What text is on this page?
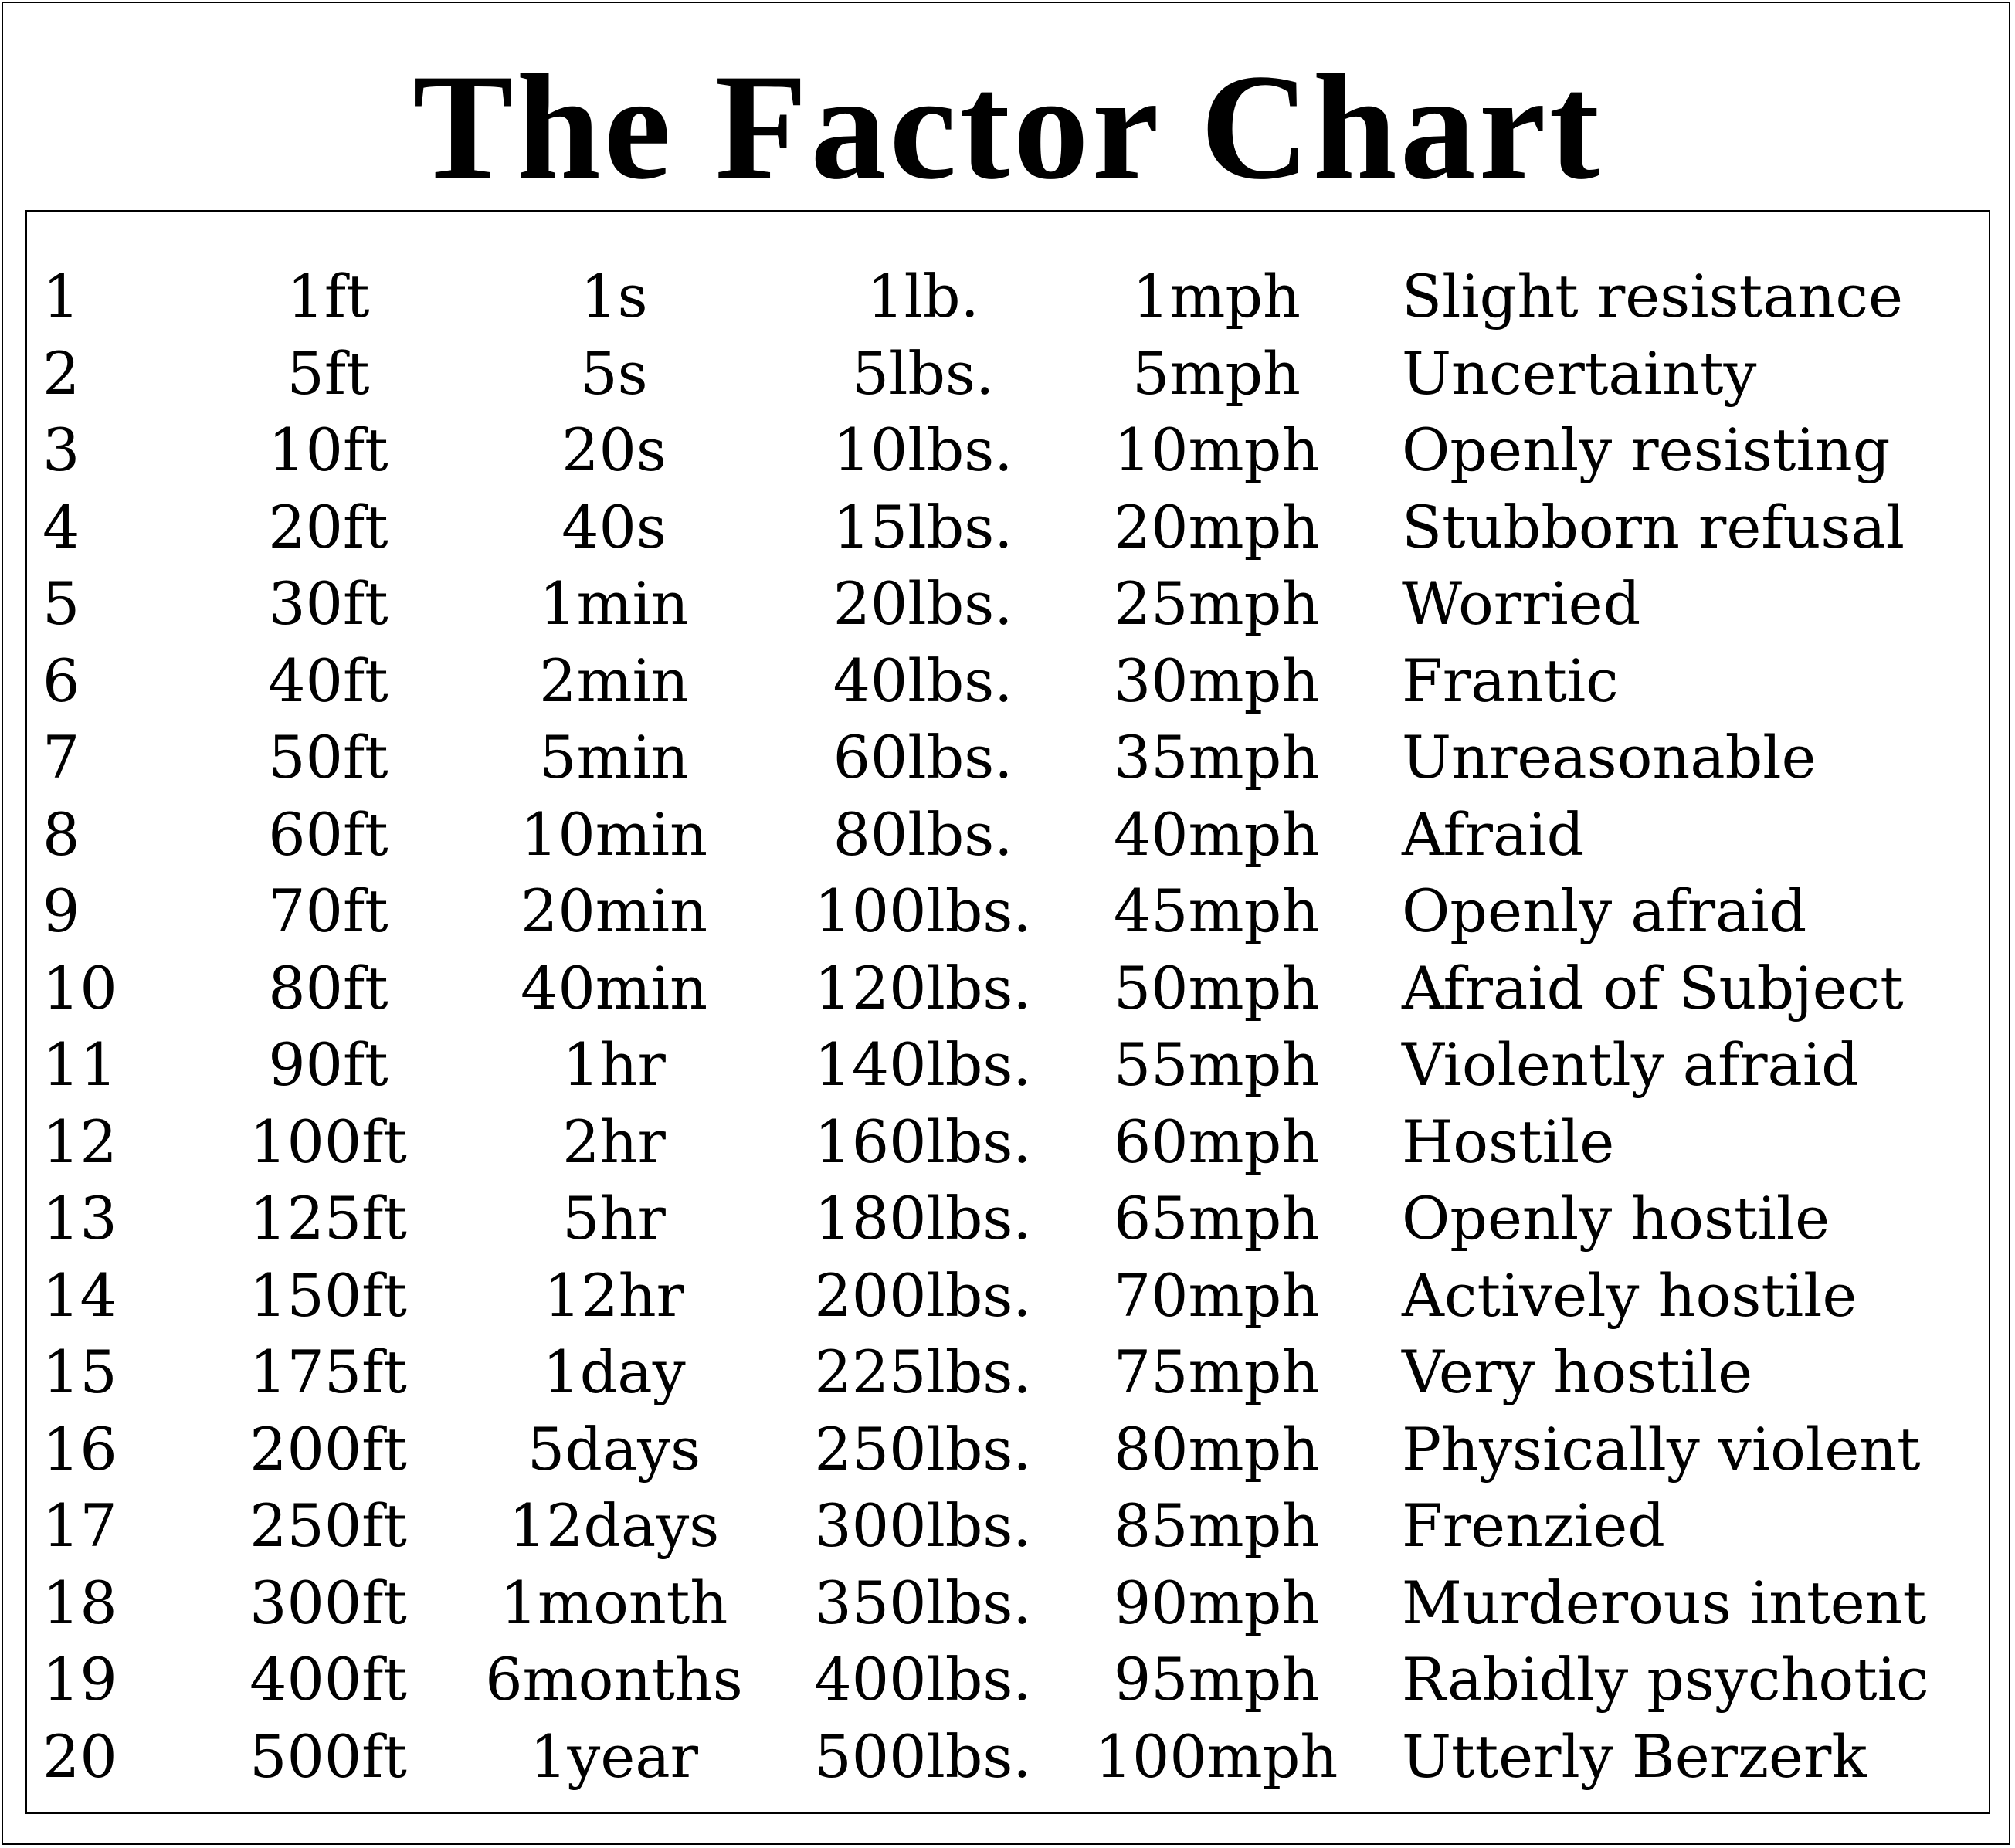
The Factor Chart
1	1ft	1s	1lb.	1mph	Slight resistance
2	5ft	5s	5lbs.	5mph	Uncertainty
3	10ft	20s	10lbs.	10mph	Openly resisting
4	20ft	40s	15lbs.	20mph	Stubborn refusal
5	30ft	1min	20lbs.	25mph	Worried
6	40ft	2min	40lbs.	30mph	Frantic
7	50ft	5min	60lbs.	35mph	Unreasonable
8	60ft	10min	80lbs.	40mph	Afraid
9	70ft	20min	100lbs.	45mph	Openly afraid
10	80ft	40min	120lbs.	50mph	Afraid of Subject
11	90ft	1hr	140lbs.	55mph	Violently afraid
12	100ft	2hr	160lbs.	60mph	Hostile
13	125ft	5hr	180lbs.	65mph	Openly hostile
14	150ft	12hr	200lbs.	70mph	Actively hostile
15	175ft	1day	225lbs.	75mph	Very hostile
16	200ft	5days	250lbs.	80mph	Physically violent
17	250ft	12days	300lbs.	85mph	Frenzied
18	300ft	1month	350lbs.	90mph	Murderous intent
19	400ft	6months	400lbs.	95mph	Rabidly psychotic
20	500ft	1year	500lbs.	100mph	Utterly Berzerk
